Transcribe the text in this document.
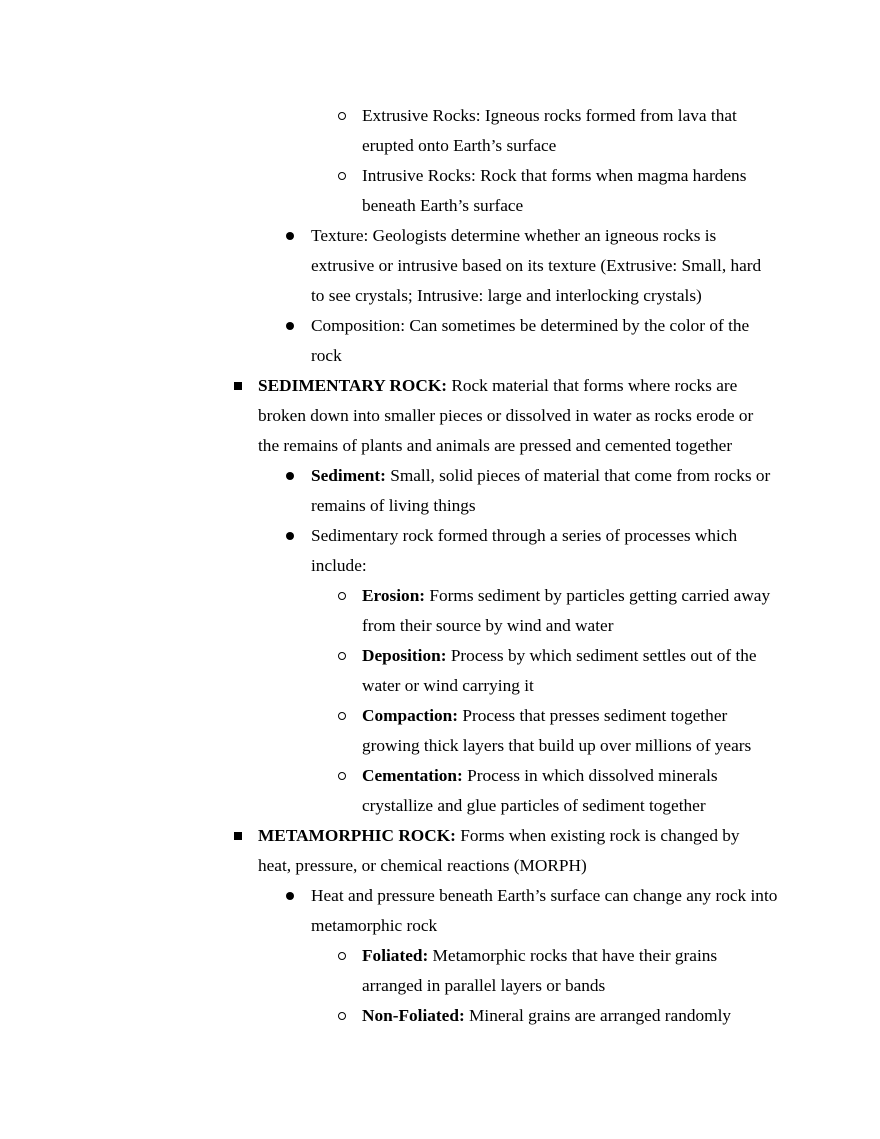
Extrusive Rocks: Igneous rocks formed from lava that
erupted onto Earth’s surface
Intrusive Rocks: Rock that forms when magma hardens
beneath Earth’s surface
Texture: Geologists determine whether an igneous rocks is
extrusive or intrusive based on its texture (Extrusive: Small, hard
to see crystals; Intrusive: large and interlocking crystals)
Composition: Can sometimes be determined by the color of the
rock
SEDIMENTARY ROCK: Rock material that forms where rocks are
broken down into smaller pieces or dissolved in water as rocks erode or
the remains of plants and animals are pressed and cemented together
Sediment: Small, solid pieces of material that come from rocks or
remains of living things
Sedimentary rock formed through a series of processes which
include:
Erosion: Forms sediment by particles getting carried away
from their source by wind and water
Deposition: Process by which sediment settles out of the
water or wind carrying it
Compaction: Process that presses sediment together
growing thick layers that build up over millions of years
Cementation: Process in which dissolved minerals
crystallize and glue particles of sediment together
METAMORPHIC ROCK: Forms when existing rock is changed by
heat, pressure, or chemical reactions (MORPH)
Heat and pressure beneath Earth’s surface can change any rock into
metamorphic rock
Foliated: Metamorphic rocks that have their grains
arranged in parallel layers or bands
Non-Foliated: Mineral grains are arranged randomly
